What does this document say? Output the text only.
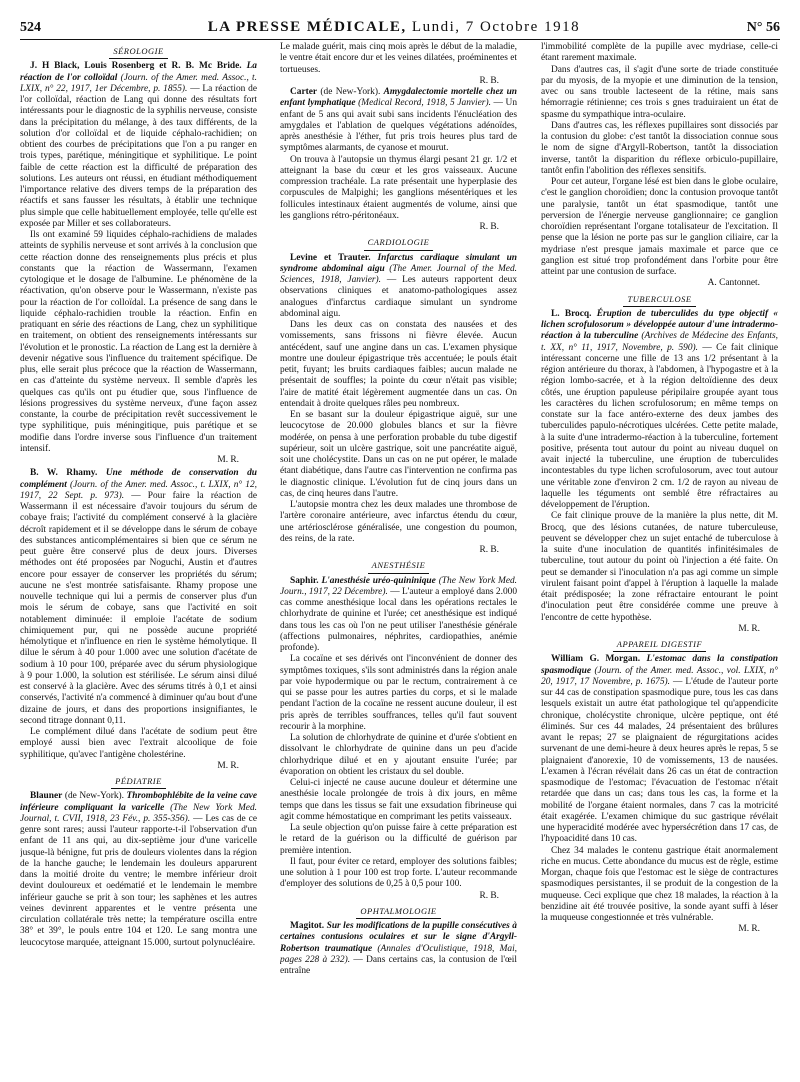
524	LA PRESSE MÉDICALE, Lundi, 7 Octobre 1918	N° 56
SÉROLOGIE

J. H Black, Louis Rosenberg et R. B. Mc Bride. La réaction de l'or colloïdal (Journ. of the Amer. med. Assoc., t. LXIX, n° 22, 1917, 1er Décembre, p. 1855). — La réaction de l'or colloïdal, réaction de Lang qui donne des résultats fort intéressants pour le diagnostic de la syphilis nerveuse, consiste dans la précipitation du mélange, à des taux différents, de la solution d'or colloïdal et de liquide céphalo-rachidien; on obtient des courbes de précipitations que l'on a pu ranger en trois types, parétique, méningitique et syphilitique. Le point faible de cette réaction est la difficulté de préparation des solutions. Les auteurs ont réussi, en étudiant méthodiquement l'importance relative des divers temps de la préparation des réactifs et sans fausser les résultats, à établir une technique plus simple que celle habituellement employée, telle qu'elle est exposée par Miller et ses collaborateurs.

Ils ont examiné 59 liquides céphalo-rachidiens de malades atteints de syphilis nerveuse et sont arrivés à la conclusion que cette réaction donne des renseignements plus précis et plus constants que la réaction de Wassermann, l'examen cytologique et le dosage de l'albumine. Le phénomène de la réactivation, qu'on observe pour le Wassermann, n'existe pas pour la réaction de l'or colloïdal. La présence de sang dans le liquide céphalo-rachidien trouble la réaction. Enfin en pratiquant en série des réactions de Lang, chez un syphilitique en traitement, on obtient des renseignements intéressants sur l'évolution et le pronostic. La réaction de Lang est la dernière à devenir négative sous l'influence du traitement spécifique. De plus, elle serait plus précoce que la réaction de Wassermann, en cas d'atteinte du système nerveux. Il semble d'après les quelques cas qu'ils ont pu étudier que, sous l'influence de lésions progressives du système nerveux, d'une façon assez constante, la courbe de précipitation revêt successivement le type syphilitique, puis méningitique, puis parétique et se modifie dans l'ordre inverse sous l'influence d'un traitement intensif.

M. R.

B. W. Rhamy. Une méthode de conservation du complément (Journ. of the Amer. med. Assoc., t. LXIX, n° 12, 1917, 22 Sept. p. 973). — Pour faire la réaction de Wassermann il est nécessaire d'avoir toujours du sérum de cobaye frais; l'activité du complément conservé à la glacière décroît rapidement et il se développe dans le sérum de cobaye des substances anticomplémentaires si bien que ce sérum ne peut guère être conservé plus de deux jours. Diverses méthodes ont été proposées par Noguchi, Austin et d'autres encore pour essayer de conserver les propriétés du sérum; aucune ne s'est montrée satisfaisante. Rhamy propose une nouvelle technique qui lui a permis de conserver plus d'un mois le sérum de cobaye, sans que l'activité en soit notablement diminuée: il emploie l'acétate de sodium chimiquement pur, qui ne possède aucune propriété hémolytique et n'influence en rien le système hémolytique. Il dilue le sérum à 40 pour 1.000 avec une solution d'acétate de sodium à 10 pour 100, préparée avec du sérum physiologique à 9 pour 1.000, la solution est stérilisée. Le sérum ainsi dilué est conservé à la glacière. Avec des sérums titrés à 0,1 et ainsi conservés, l'activité n'a commencé à diminuer qu'au bout d'une dizaine de jours, et dans des proportions insignifiantes, le second titrage donnant 0,11.

Le complément dilué dans l'acétate de sodium peut être employé aussi bien avec l'extrait alcoolique de foie syphilitique, qu'avec l'antigène cholestérine.

M. R.

PÉDIATRIE

Blauner (de New-York). Thrombophlébite de la veine cave inférieure compliquant la varicelle (The New York Med. Journal, t. CVII, 1918, 23 Fév., p. 355-356). — Les cas de ce genre sont rares; aussi l'auteur rapporte-t-il l'observation d'un enfant de 11 ans qui, au dix-septième jour d'une varicelle jusque-là bénigne, fut pris de douleurs violentes dans la région de la hanche gauche; le lendemain les douleurs apparurent dans la moitié droite du ventre; le membre inférieur droit devint douloureux et oedématié et le lendemain le membre inférieur gauche se prit à son tour; les saphènes et les autres veines devinrent apparentes et le ventre présenta une circulation collatérale très nette; la température oscilla entre 38° et 39°, le pouls entre 104 et 120. Le sang montra une leucocytose marquée, atteignant 15.000, surtout polynucléaire.

Le malade guérit, mais cinq mois après le début de la maladie, le ventre était encore dur et les veines dilatées, proéminentes et tortueuses.

R. B.

Carter (de New-York). Amygdalectomie mortelle chez un enfant lymphatique (Medical Record, 1918, 5 Janvier). — Un enfant de 5 ans qui avait subi sans incidents l'énucléation des amygdales et l'ablation de quelques végétations adénoïdes, après anesthésie à l'éther, fut pris trois heures plus tard de symptômes alarmants, de cyanose et mourut.

On trouva à l'autopsie un thymus élargi pesant 21 gr. 1/2 et atteignant la base du cœur et les gros vaisseaux. Aucune compression trachéale. La rate présentait une hyperplasie des corpuscules de Malpighi; les ganglions mésentériques et les follicules intestinaux étaient augmentés de volume, ainsi que les ganglions rétro-péritonéaux.

R. B.

CARDIOLOGIE

Levine et Trauter. Infarctus cardiaque simulant un syndrome abdominal aigu (The Amer. Journal of the Med. Sciences, 1918, Janvier). — Les auteurs rapportent deux observations cliniques et anatomo-pathologiques assez analogues d'infarctus cardiaque simulant un syndrome abdominal aigu.

Dans les deux cas on constata des nausées et des vomissements, sans frissons ni fièvre élevée. Aucun antécédent, sauf une angine dans un cas. L'examen physique montre une douleur épigastrique très accentuée; le pouls était petit, fuyant; les bruits cardiaques faibles; aucun malade ne présentait de souffles; la pointe du cœur n'était pas visible; l'aire de matité était légèrement augmentée dans un cas. On entendait à droite quelques râles peu nombreux.

En se basant sur la douleur épigastrique aiguë, sur une leucocytose de 20.000 globules blancs et sur la fièvre modérée, on pensa à une perforation probable du tube digestif supérieur, soit un ulcère gastrique, soit une pancréatite aiguë, soit une cholécystite. Dans un cas on ne put opérer, le malade étant diabétique, dans l'autre cas l'intervention ne confirma pas le diagnostic clinique. L'évolution fut de cinq jours dans un cas, de cinq heures dans l'autre.

L'autopsie montra chez les deux malades une thrombose de l'artère coronaire antérieure, avec infarctus étendu du cœur, une artériosclérose généralisée, une congestion du poumon, des reins, de la rate.

R. B.

ANESTHÉSIE

Saphir. L'anesthésie uréo-quininique (The New York Med. Journ., 1917, 22 Décembre). — L'auteur a employé dans 2.000 cas comme anesthésique local dans les opérations rectales le chlorhydrate de quinine et l'urée; cet anesthésique est indiqué dans tous les cas où l'on ne peut utiliser l'anesthésie générale (affections pulmonaires, néphrites, cardiopathies, anémie profonde).

La cocaïne et ses dérivés ont l'inconvénient de donner des symptômes toxiques, s'ils sont administrés dans la région anale par voie hypodermique ou par le rectum, contrairement à ce qui se passe pour les autres parties du corps, et si le malade pendant l'action de la cocaïne ne ressent aucune douleur, il est pris après de terribles souffrances, telles qu'il faut souvent recourir à la morphine.

La solution de chlorhydrate de quinine et d'urée s'obtient en dissolvant le chlorhydrate de quinine dans un peu d'acide chlorhydrique dilué et en y ajoutant ensuite l'urée; par évaporation on obtient les cristaux du sel double.

Celui-ci injecté ne cause aucune douleur et détermine une anesthésie locale prolongée de trois à dix jours, en même temps que dans les tissus se fait une exsudation fibrineuse qui agit comme hémostatique en comprimant les petits vaisseaux.

La seule objection qu'on puisse faire à cette préparation est le retard de la guérison ou la difficulté de guérison par première intention.

Il faut, pour éviter ce retard, employer des solutions faibles; une solution à 1 pour 100 est trop forte. L'auteur recommande d'employer des solutions de 0,25 à 0,5 pour 100.

R. B.

OPHTALMOLOGIE

Magitot. Sur les modifications de la pupille consécutives à certaines contusions oculaires et sur le signe d'Argyll-Robertson traumatique (Annales d'Oculistique, 1918, Mai, pages 228 à 232). — Dans certains cas, la contusion de l'œil entraîne

l'immobilité complète de la pupille avec mydriase, celle-ci étant rarement maximale.

Dans d'autres cas, il s'agit d'une sorte de triade constituée par du myosis, de la myopie et une diminution de la tension, avec ou sans trouble lacteseent de la rétine, mais sans hémorragie rétinienne; ces trois s gnes traduiraient un état de spasme du sympathique intra-oculaire.

Dans d'autres cas, les réflexes pupillaires sont dissociés par la contusion du globe: c'est tantôt la dissociation connue sous le nom de signe d'Argyll-Robertson, tantôt la dissociation inverse, tantôt la disparition du réflexe orbiculo-pupillaire, tantôt enfin l'abolition des réflexes sensitifs.

Pour cet auteur, l'organe lésé est bien dans le globe oculaire, c'est le ganglion choroïdien; donc la contusion provoque tantôt une paralysie, tantôt un état spasmodique, tantôt une perversion de l'énergie nerveuse ganglionnaire; ce ganglion choroïdien représentant l'organe totalisateur de l'excitation. Il pense que la lésion ne porte pas sur le ganglion ciliaire, car la mydriase n'est presque jamais maximale et parce que ce ganglion est situé trop profondément dans l'orbite pour être atteint par une contusion de surface.

A. Cantonnet.

TUBERCULOSE

L. Brocq. Éruption de tuberculides du type objectif « lichen scrofulosorum » développée autour d'une intradermo-réaction à la tuberculine (Archives de Médecine des Enfants, t. XX, n° 11, 1917, Novembre, p. 590). — Ce fait clinique intéressant concerne une fille de 13 ans 1/2 présentant à la région antérieure du thorax, à l'abdomen, à l'hypogastre et à la région lombo-sacrée, et à la région deltoïdienne des deux côtés, une éruption papuleuse péripilaire groupée ayant tous les caractères du lichen scrofulosorum; en même temps on constate sur la face antéro-externe des deux jambes des tuberculides papulo-nécrotiques ulcérées. Cette petite malade, à la suite d'une intradermo-réaction à la tuberculine, fortement positive, présenta tout autour du point au niveau duquel on avait injecté la tuberculine, une éruption de tuberculides incontestables du type lichen scrofulosorum, avec tout autour une véritable zone d'environ 2 cm. 1/2 de rayon au niveau de laquelle les téguments ont semblé être réfractaires au développement de l'éruption.

Ce fait clinique prouve de la manière la plus nette, dit M. Brocq, que des lésions cutanées, de nature tuberculeuse, peuvent se développer chez un sujet entaché de tuberculose à la suite d'une inoculation de quantités infinitésimales de tuberculine, tout autour du point où l'injection a été faite. On peut se demander si l'inoculation n'a pas agi comme un simple virulent faisant point d'appel à l'éruption à laquelle la malade était prédisposée; la zone réfractaire entourant le point d'inoculation peut être considérée comme une preuve à l'encontre de cette hypothèse.

M. R.

APPAREIL DIGESTIF

William G. Morgan. L'estomac dans la constipation spasmodique (Journ. of the Amer. med. Assoc., vol. LXIX, n° 20, 1917, 17 Novembre, p. 1675). — L'étude de l'auteur porte sur 44 cas de constipation spasmodique pure, tous les cas dans lesquels existait un autre état pathologique tel qu'appendicite chronique, cholécystite chronique, ulcère peptique, ont été éliminés. Sur ces 44 malades, 24 présentaient des brûlures avant le repas; 27 se plaignaient de régurgitations acides survenant de une demi-heure à deux heures après le repas, 5 se plaignaient d'anorexie, 10 de vomissements, 13 de nausées. L'examen à l'écran révélait dans 26 cas un état de contraction spasmodique de l'estomac; l'évacuation de l'estomac n'était retardée que dans un cas; dans tous les cas, la forme et la mobilité de l'organe étaient normales, dans 7 cas la motricité était exagérée. L'examen chimique du suc gastrique révélait une hyperacidité modérée avec hypersécrétion dans 17 cas, de l'hypoacidité dans 10 cas.

Chez 34 malades le contenu gastrique était anormalement riche en mucus. Cette abondance du mucus est de règle, estime Morgan, chaque fois que l'estomac est le siège de contractures spasmodiques persistantes, il se produit de la congestion de la muqueuse. Ceci explique que chez 18 malades, la réaction à la benzidine ait été trouvée positive, la sonde ayant suffi à léser la muqueuse congestionnée et très vulnérable.

M. R.
